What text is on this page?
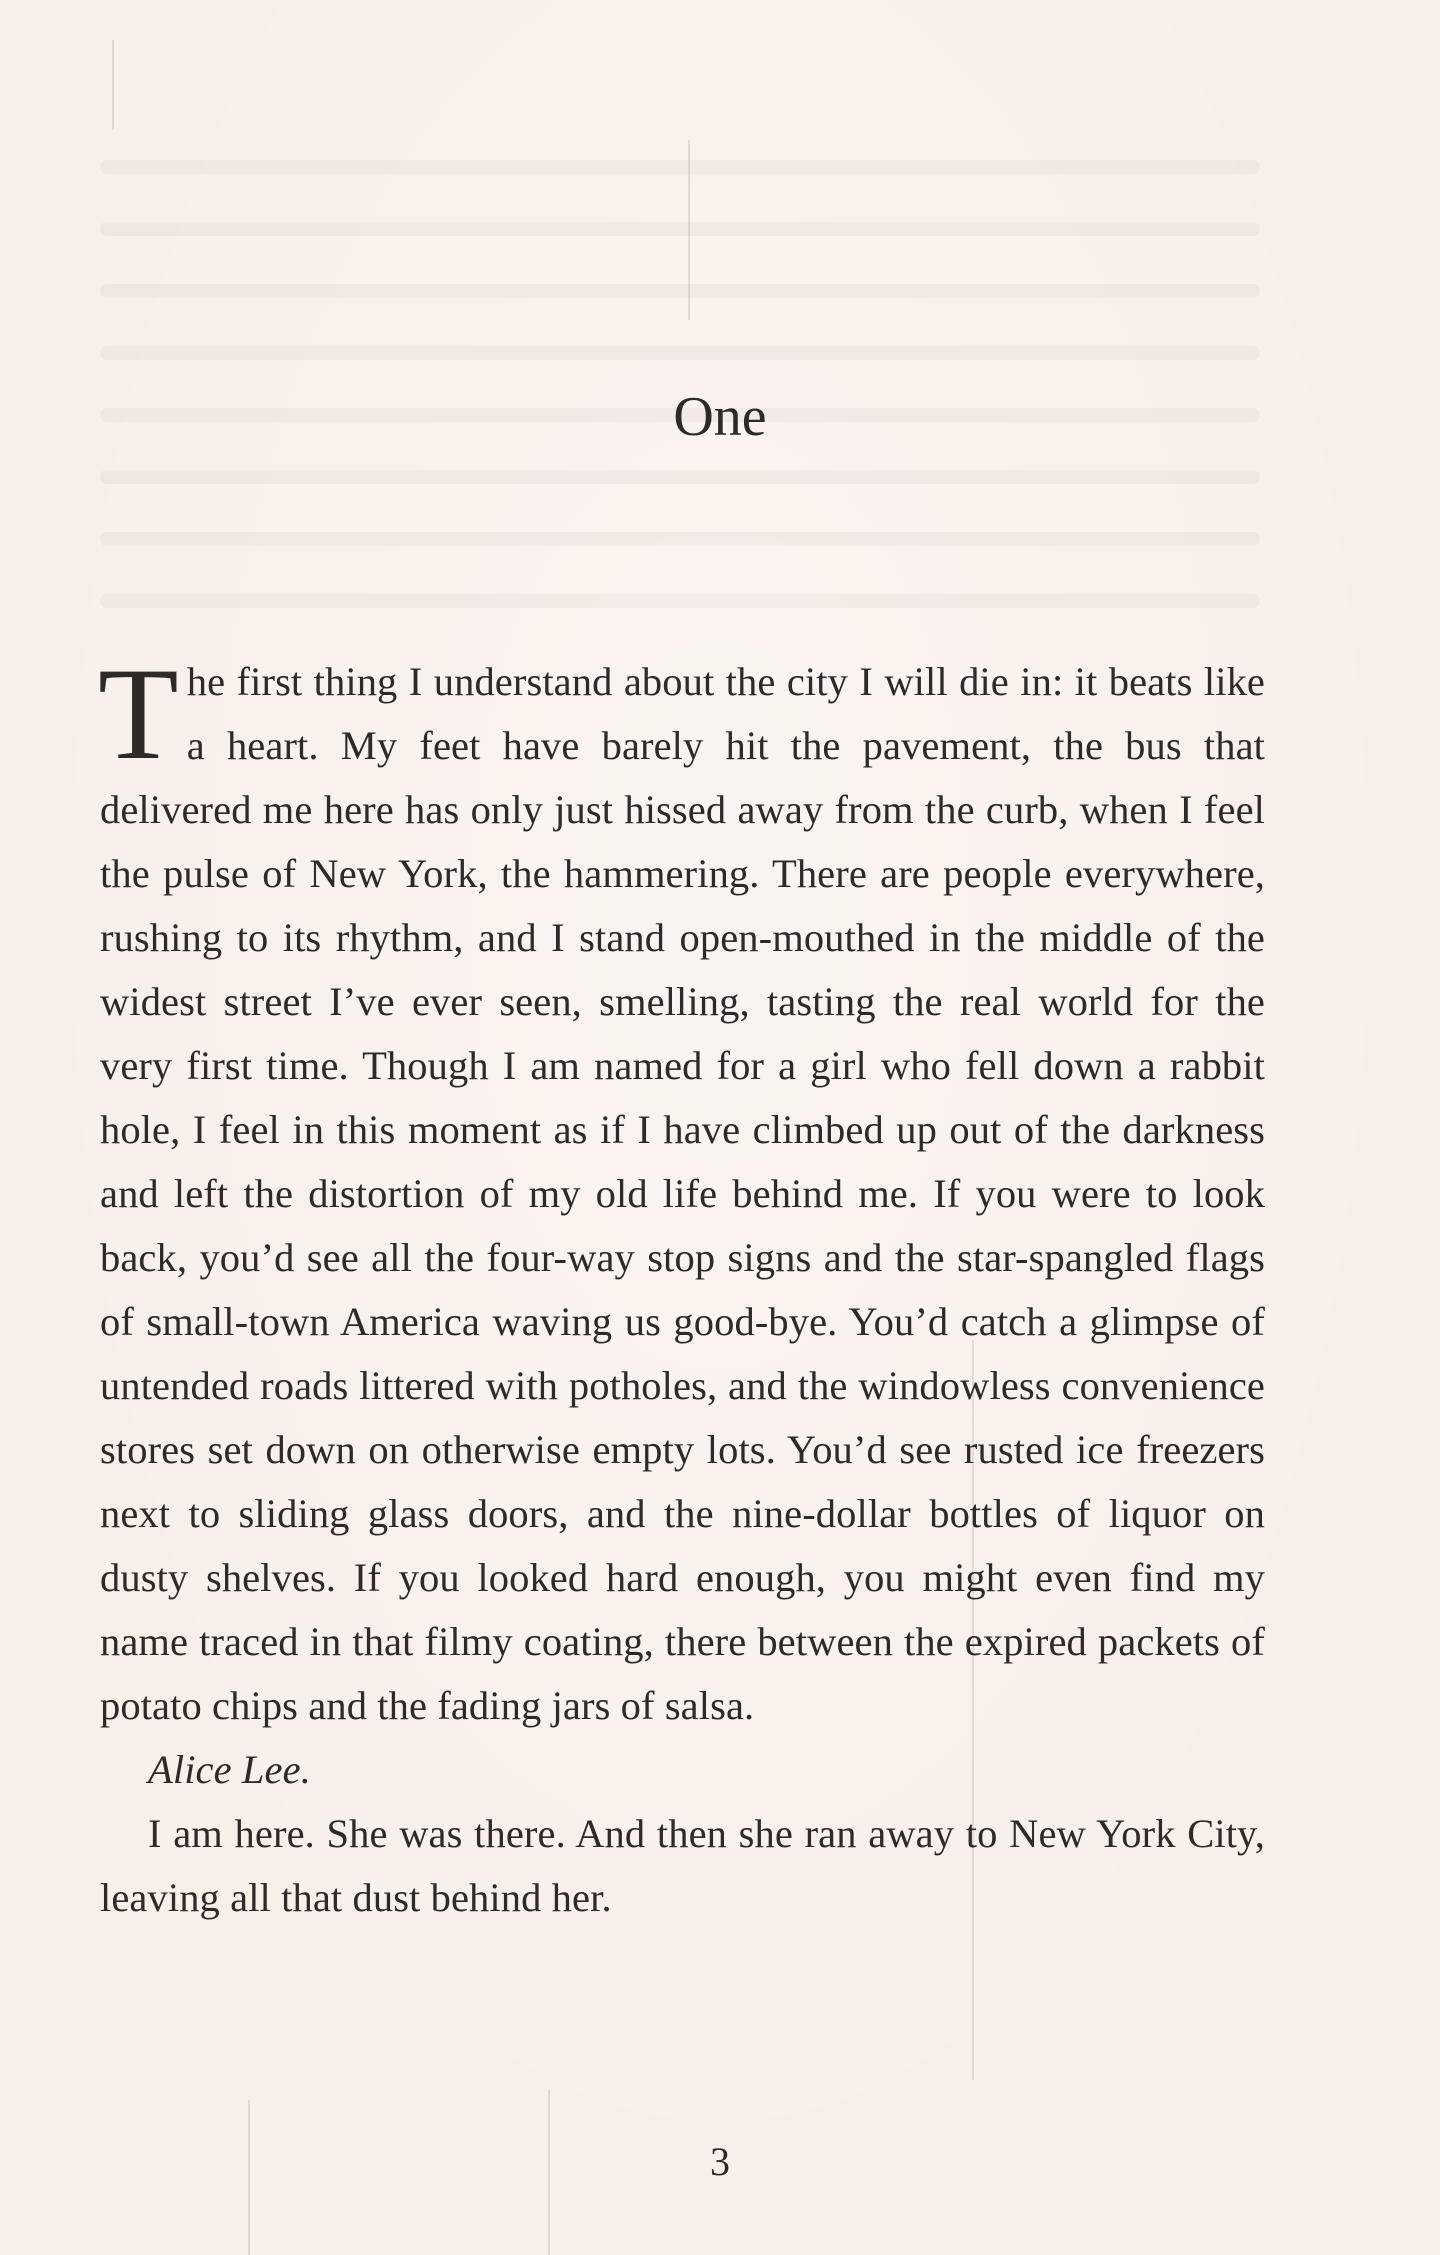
One

The first thing I understand about the city I will die in: it beats like a heart. My feet have barely hit the pavement, the bus that delivered me here has only just hissed away from the curb, when I feel the pulse of New York, the hammering. There are people everywhere, rushing to its rhythm, and I stand open-mouthed in the middle of the widest street I’ve ever seen, smelling, tasting the real world for the very first time. Though I am named for a girl who fell down a rabbit hole, I feel in this moment as if I have climbed up out of the darkness and left the distortion of my old life behind me. If you were to look back, you’d see all the four-way stop signs and the star-spangled flags of small-town America waving us good-bye. You’d catch a glimpse of untended roads littered with potholes, and the windowless convenience stores set down on otherwise empty lots. You’d see rusted ice freezers next to sliding glass doors, and the nine-dollar bottles of liquor on dusty shelves. If you looked hard enough, you might even find my name traced in that filmy coating, there between the expired packets of potato chips and the fading jars of salsa.

Alice Lee.

I am here. She was there. And then she ran away to New York City, leaving all that dust behind her.

3
